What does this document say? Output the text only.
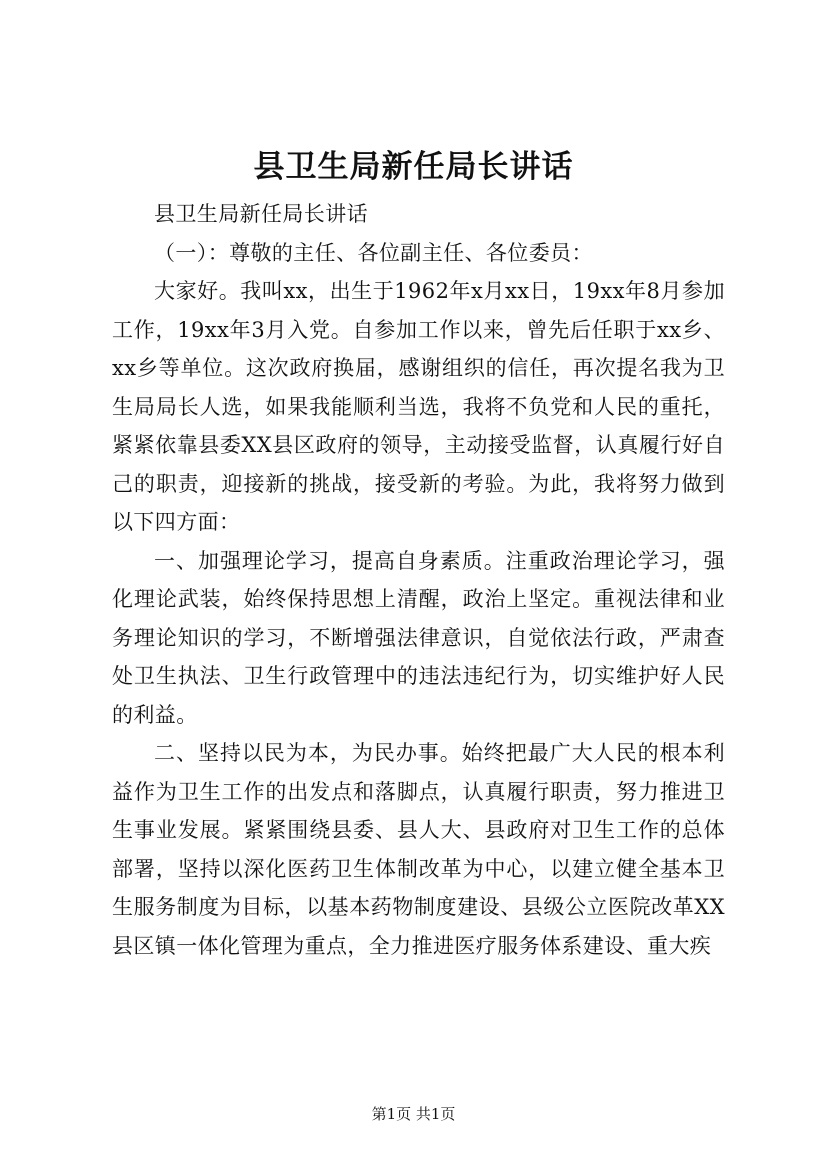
县卫生局新任局长讲话

县卫生局新任局长讲话

（一）：尊敬的主任、各位副主任、各位委员：

大家好。我叫xx，出生于1962年x月xx日，19xx年8月参加工作，19xx年3月入党。自参加工作以来，曾先后任职于xx乡、xx乡等单位。这次政府换届，感谢组织的信任，再次提名我为卫生局局长人选，如果我能顺利当选，我将不负党和人民的重托，紧紧依靠县委XX县区政府的领导，主动接受监督，认真履行好自己的职责，迎接新的挑战，接受新的考验。为此，我将努力做到以下四方面：

一、加强理论学习，提高自身素质。注重政治理论学习，强化理论武装，始终保持思想上清醒，政治上坚定。重视法律和业务理论知识的学习，不断增强法律意识，自觉依法行政，严肃查处卫生执法、卫生行政管理中的违法违纪行为，切实维护好人民的利益。

二、坚持以民为本，为民办事。始终把最广大人民的根本利益作为卫生工作的出发点和落脚点，认真履行职责，努力推进卫生事业发展。紧紧围绕县委、县人大、县政府对卫生工作的总体部署，坚持以深化医药卫生体制改革为中心，以建立健全基本卫生服务制度为目标，以基本药物制度建设、县级公立医院改革XX县区镇一体化管理为重点，全力推进医疗服务体系建设、重大疾

第1页 共1页
